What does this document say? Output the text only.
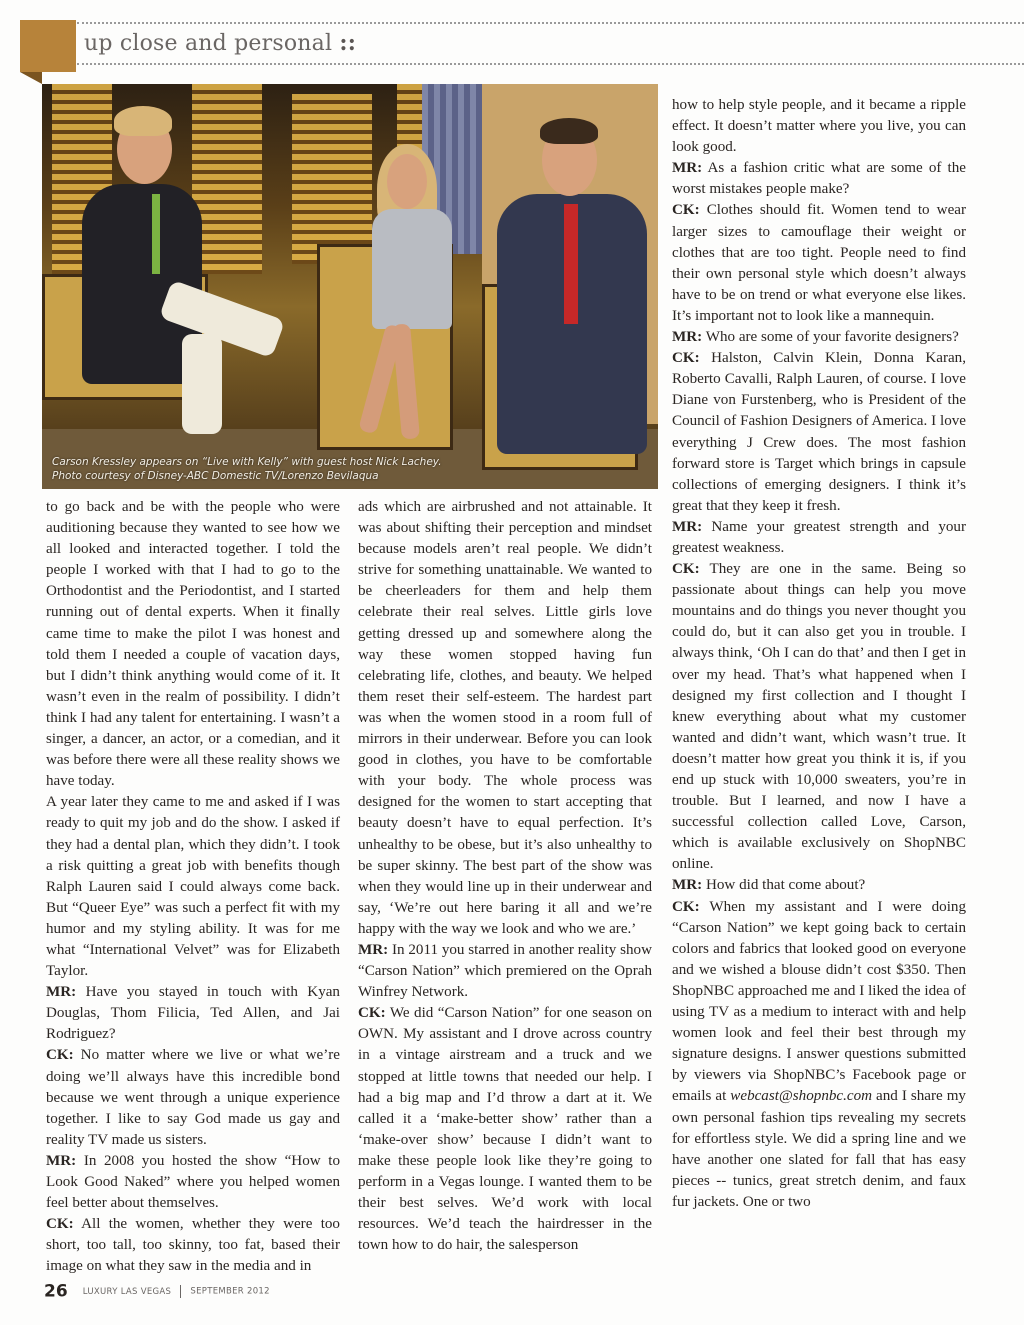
up close and personal ::
Carson Kressley appears on “Live with Kelly” with guest host Nick Lachey.
Photo courtesy of Disney-ABC Domestic TV/Lorenzo Bevilaqua

to go back and be with the people who were auditioning because they wanted to see how we all looked and interacted together. I told the people I worked with that I had to go to the Orthodontist and the Periodontist, and I started running out of dental experts. When it finally came time to make the pilot I was honest and told them I needed a couple of vacation days, but I didn’t think anything would come of it. It wasn’t even in the realm of possibility. I didn’t think I had any talent for entertaining. I wasn’t a singer, a dancer, an actor, or a comedian, and it was before there were all these reality shows we have today.

A year later they came to me and asked if I was ready to quit my job and do the show. I asked if they had a dental plan, which they didn’t. I took a risk quitting a great job with benefits though Ralph Lauren said I could always come back. But “Queer Eye” was such a perfect fit with my humor and my styling ability. It was for me what “International Velvet” was for Elizabeth Taylor.

MR: Have you stayed in touch with Kyan Douglas, Thom Filicia, Ted Allen, and Jai Rodriguez?

CK: No matter where we live or what we’re doing we’ll always have this incredible bond because we went through a unique experience together. I like to say God made us gay and reality TV made us sisters.

MR: In 2008 you hosted the show “How to Look Good Naked” where you helped women feel better about themselves.

CK: All the women, whether they were too short, too tall, too skinny, too fat, based their image on what they saw in the media and in

ads which are airbrushed and not attainable. It was about shifting their perception and mindset because models aren’t real people. We didn’t strive for something unattainable. We wanted to be cheerleaders for them and help them celebrate their real selves. Little girls love getting dressed up and somewhere along the way these women stopped having fun celebrating life, clothes, and beauty. We helped them reset their self-esteem. The hardest part was when the women stood in a room full of mirrors in their underwear. Before you can look good in clothes, you have to be comfortable with your body. The whole process was designed for the women to start accepting that beauty doesn’t have to equal perfection. It’s unhealthy to be obese, but it’s also unhealthy to be super skinny. The best part of the show was when they would line up in their underwear and say, ‘We’re out here baring it all and we’re happy with the way we look and who we are.’

MR: In 2011 you starred in another reality show “Carson Nation” which premiered on the Oprah Winfrey Network.

CK: We did “Carson Nation” for one season on OWN. My assistant and I drove across country in a vintage airstream and a truck and we stopped at little towns that needed our help. I had a big map and I’d throw a dart at it. We called it a ‘make-better show’ rather than a ‘make-over show’ because I didn’t want to make these people look like they’re going to perform in a Vegas lounge. I wanted them to be their best selves. We’d work with local resources. We’d teach the hairdresser in the town how to do hair, the salesperson

how to help style people, and it became a ripple effect. It doesn’t matter where you live, you can look good.

MR: As a fashion critic what are some of the worst mistakes people make?

CK: Clothes should fit. Women tend to wear larger sizes to camouflage their weight or clothes that are too tight. People need to find their own personal style which doesn’t always have to be on trend or what everyone else likes. It’s important not to look like a mannequin.

MR: Who are some of your favorite designers?

CK: Halston, Calvin Klein, Donna Karan, Roberto Cavalli, Ralph Lauren, of course. I love Diane von Furstenberg, who is President of the Council of Fashion Designers of America. I love everything J Crew does. The most fashion forward store is Target which brings in capsule collections of emerging designers. I think it’s great that they keep it fresh.

MR: Name your greatest strength and your greatest weakness.

CK: They are one in the same. Being so passionate about things can help you move mountains and do things you never thought you could do, but it can also get you in trouble. I always think, ‘Oh I can do that’ and then I get in over my head. That’s what happened when I designed my first collection and I thought I knew everything about what my customer wanted and didn’t want, which wasn’t true. It doesn’t matter how great you think it is, if you end up stuck with 10,000 sweaters, you’re in trouble. But I learned, and now I have a successful collection called Love, Carson, which is available exclusively on ShopNBC online.

MR: How did that come about?

CK: When my assistant and I were doing “Carson Nation” we kept going back to certain colors and fabrics that looked good on everyone and we wished a blouse didn’t cost $350. Then ShopNBC approached me and I liked the idea of using TV as a medium to interact with and help women look and feel their best through my signature designs. I answer questions submitted by viewers via ShopNBC’s Facebook page or emails at webcast@shopnbc.com and I share my own personal fashion tips revealing my secrets for effortless style. We did a spring line and we have another one slated for fall that has easy pieces -- tunics, great stretch denim, and faux fur jackets. One or two

26 LUXURY LAS VEGAS SEPTEMBER 2012
